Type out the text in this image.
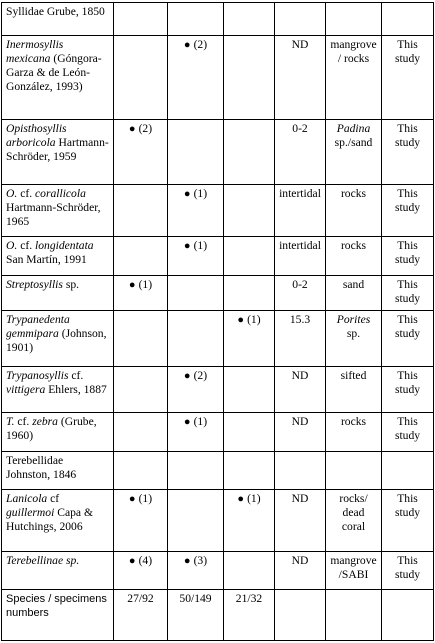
Syllidae Grube, 1850						
Inermosyllis mexicana (Góngora-Garza & de León-González, 1993)		● (2)		ND	mangrove / rocks	This study
Opisthosyllis arboricola Hartmann-Schröder, 1959	● (2)			0-2	Padina sp./sand	This study
O. cf. corallicola Hartmann-Schröder, 1965		● (1)		intertidal	rocks	This study
O. cf. longidentata San Martín, 1991		● (1)		intertidal	rocks	This study
Streptosyllis sp.	● (1)			0-2	sand	This study
Trypanedenta gemmipara (Johnson, 1901)			● (1)	15.3	Porites sp.	This study
Trypanosyllis cf. vittigera Ehlers, 1887		● (2)		ND	sifted	This study
T. cf. zebra (Grube, 1960)		● (1)		ND	rocks	This study
Terebellidae Johnston, 1846						
Lanicola cf guillermoi Capa & Hutchings, 2006	● (1)		● (1)	ND	rocks/ dead coral	This study
Terebellinae sp.	● (4)	● (3)		ND	mangrove /SABI	This study
Species / specimens numbers	27/92	50/149	21/32			
